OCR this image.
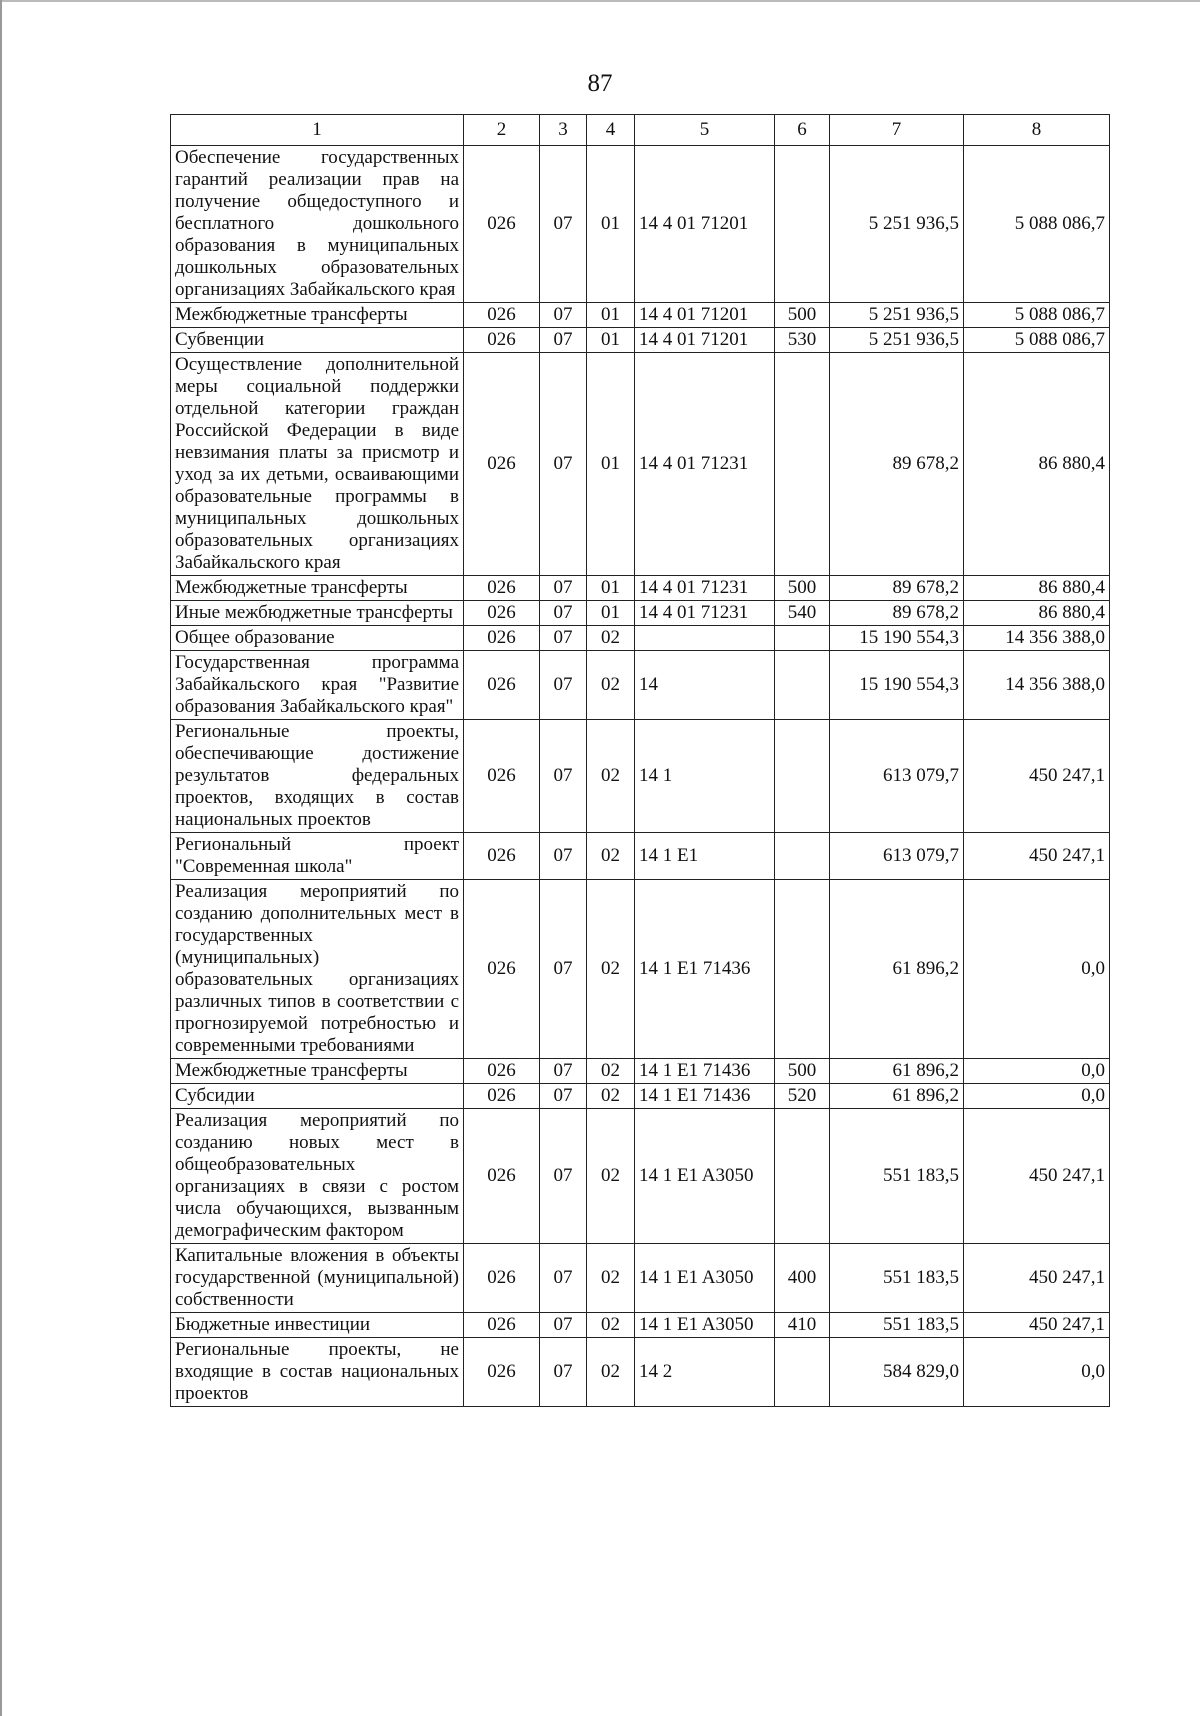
87
1	2	3	4	5	6	7	8
Обеспечение государственных гарантий реализации прав на получение общедоступного и бесплатного дошкольного образования в муниципальных дошкольных образовательных организациях Забайкальского края	026	07	01	14 4 01 71201		5 251 936,5	5 088 086,7
Межбюджетные трансферты	026	07	01	14 4 01 71201	500	5 251 936,5	5 088 086,7
Субвенции	026	07	01	14 4 01 71201	530	5 251 936,5	5 088 086,7
Осуществление дополнительной меры социальной поддержки отдельной категории граждан Российской Федерации в виде невзимания платы за присмотр и уход за их детьми, осваивающими образовательные программы в муниципальных дошкольных образовательных организациях Забайкальского края	026	07	01	14 4 01 71231		89 678,2	86 880,4
Межбюджетные трансферты	026	07	01	14 4 01 71231	500	89 678,2	86 880,4
Иные межбюджетные трансферты	026	07	01	14 4 01 71231	540	89 678,2	86 880,4
Общее образование	026	07	02			15 190 554,3	14 356 388,0
Государственная программа Забайкальского края "Развитие образования Забайкальского края"	026	07	02	14		15 190 554,3	14 356 388,0
Региональные проекты, обеспечивающие достижение результатов федеральных проектов, входящих в состав национальных проектов	026	07	02	14 1		613 079,7	450 247,1
Региональный проект "Современная школа"	026	07	02	14 1 E1		613 079,7	450 247,1
Реализация мероприятий по созданию дополнительных мест в государственных (муниципальных) образовательных организациях различных типов в соответствии с прогнозируемой потребностью и современными требованиями	026	07	02	14 1 E1 71436		61 896,2	0,0
Межбюджетные трансферты	026	07	02	14 1 E1 71436	500	61 896,2	0,0
Субсидии	026	07	02	14 1 E1 71436	520	61 896,2	0,0
Реализация мероприятий по созданию новых мест в общеобразовательных организациях в связи с ростом числа обучающихся, вызванным демографическим фактором	026	07	02	14 1 E1 A3050		551 183,5	450 247,1
Капитальные вложения в объекты государственной (муниципальной) собственности	026	07	02	14 1 E1 A3050	400	551 183,5	450 247,1
Бюджетные инвестиции	026	07	02	14 1 E1 A3050	410	551 183,5	450 247,1
Региональные проекты, не входящие в состав национальных проектов	026	07	02	14 2		584 829,0	0,0
